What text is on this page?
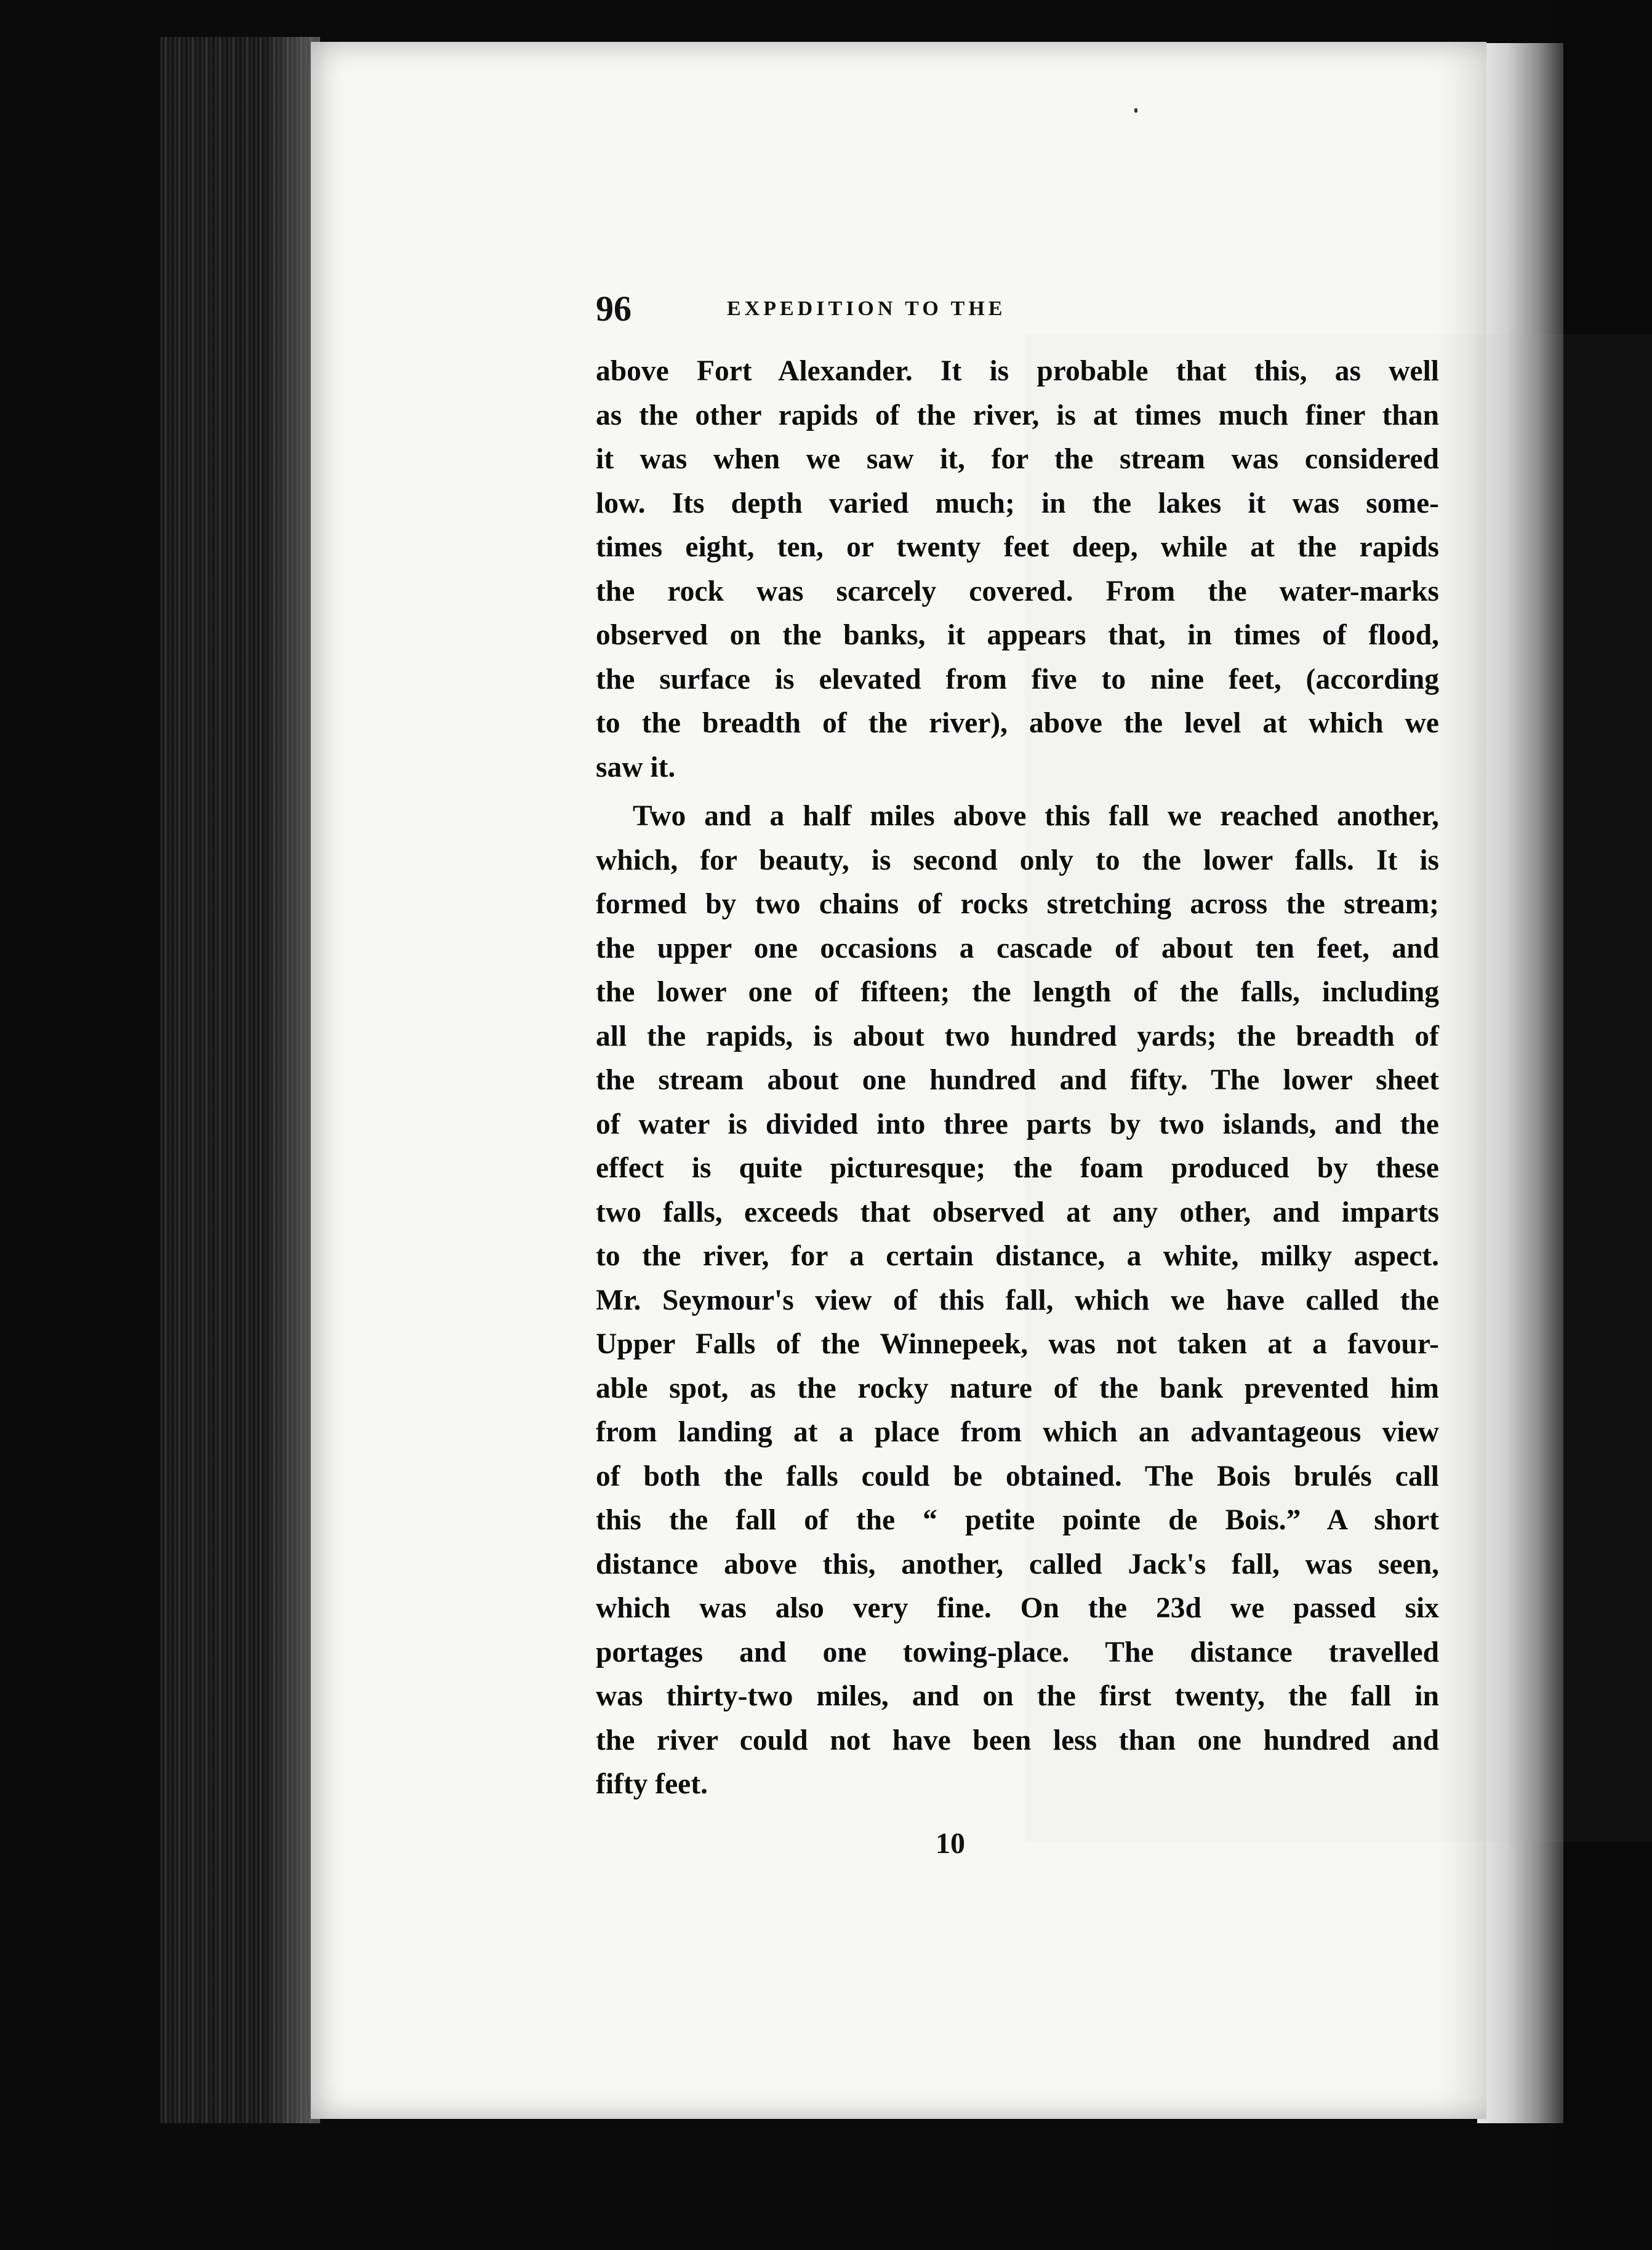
96	EXPEDITION TO THE
above Fort Alexander. It is probable that this, as well
as the other rapids of the river, is at times much finer than
it was when we saw it, for the stream was considered
low. Its depth varied much; in the lakes it was some-
times eight, ten, or twenty feet deep, while at the rapids
the rock was scarcely covered. From the water-marks
observed on the banks, it appears that, in times of flood,
the surface is elevated from five to nine feet, (according
to the breadth of the river), above the level at which we
saw it.
Two and a half miles above this fall we reached another,
which, for beauty, is second only to the lower falls. It is
formed by two chains of rocks stretching across the stream;
the upper one occasions a cascade of about ten feet, and
the lower one of fifteen; the length of the falls, including
all the rapids, is about two hundred yards; the breadth of
the stream about one hundred and fifty. The lower sheet
of water is divided into three parts by two islands, and the
effect is quite picturesque; the foam produced by these
two falls, exceeds that observed at any other, and imparts
to the river, for a certain distance, a white, milky aspect.
Mr. Seymour's view of this fall, which we have called the
Upper Falls of the Winnepeek, was not taken at a favour-
able spot, as the rocky nature of the bank prevented him
from landing at a place from which an advantageous view
of both the falls could be obtained. The Bois brulés call
this the fall of the “ petite pointe de Bois.” A short
distance above this, another, called Jack's fall, was seen,
which was also very fine. On the 23d we passed six
portages and one towing-place. The distance travelled
was thirty-two miles, and on the first twenty, the fall in
the river could not have been less than one hundred and
fifty feet.
10
